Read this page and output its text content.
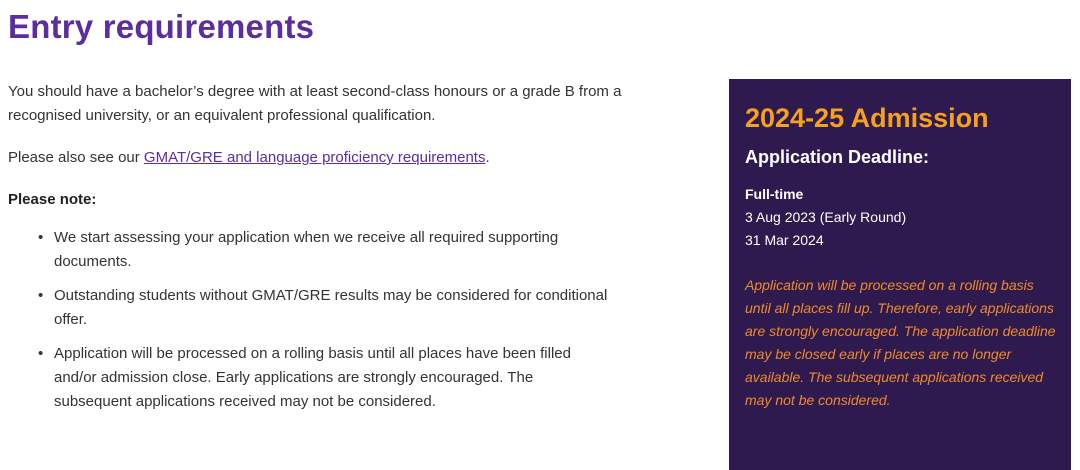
Entry requirements

You should have a bachelor’s degree with at least second-class honours or a grade B from a recognised university, or an equivalent professional qualification.

Please also see our GMAT/GRE and language proficiency requirements.

Please note:

• We start assessing your application when we receive all required supporting documents.
• Outstanding students without GMAT/GRE results may be considered for conditional offer.
• Application will be processed on a rolling basis until all places have been filled and/or admission close. Early applications are strongly encouraged. The subsequent applications received may not be considered.
2024-25 Admission
Application Deadline:
Full-time
3 Aug 2023 (Early Round)
31 Mar 2024
Application will be processed on a rolling basis until all places fill up. Therefore, early applications are strongly encouraged. The application deadline may be closed early if places are no longer available. The subsequent applications received may not be considered.
